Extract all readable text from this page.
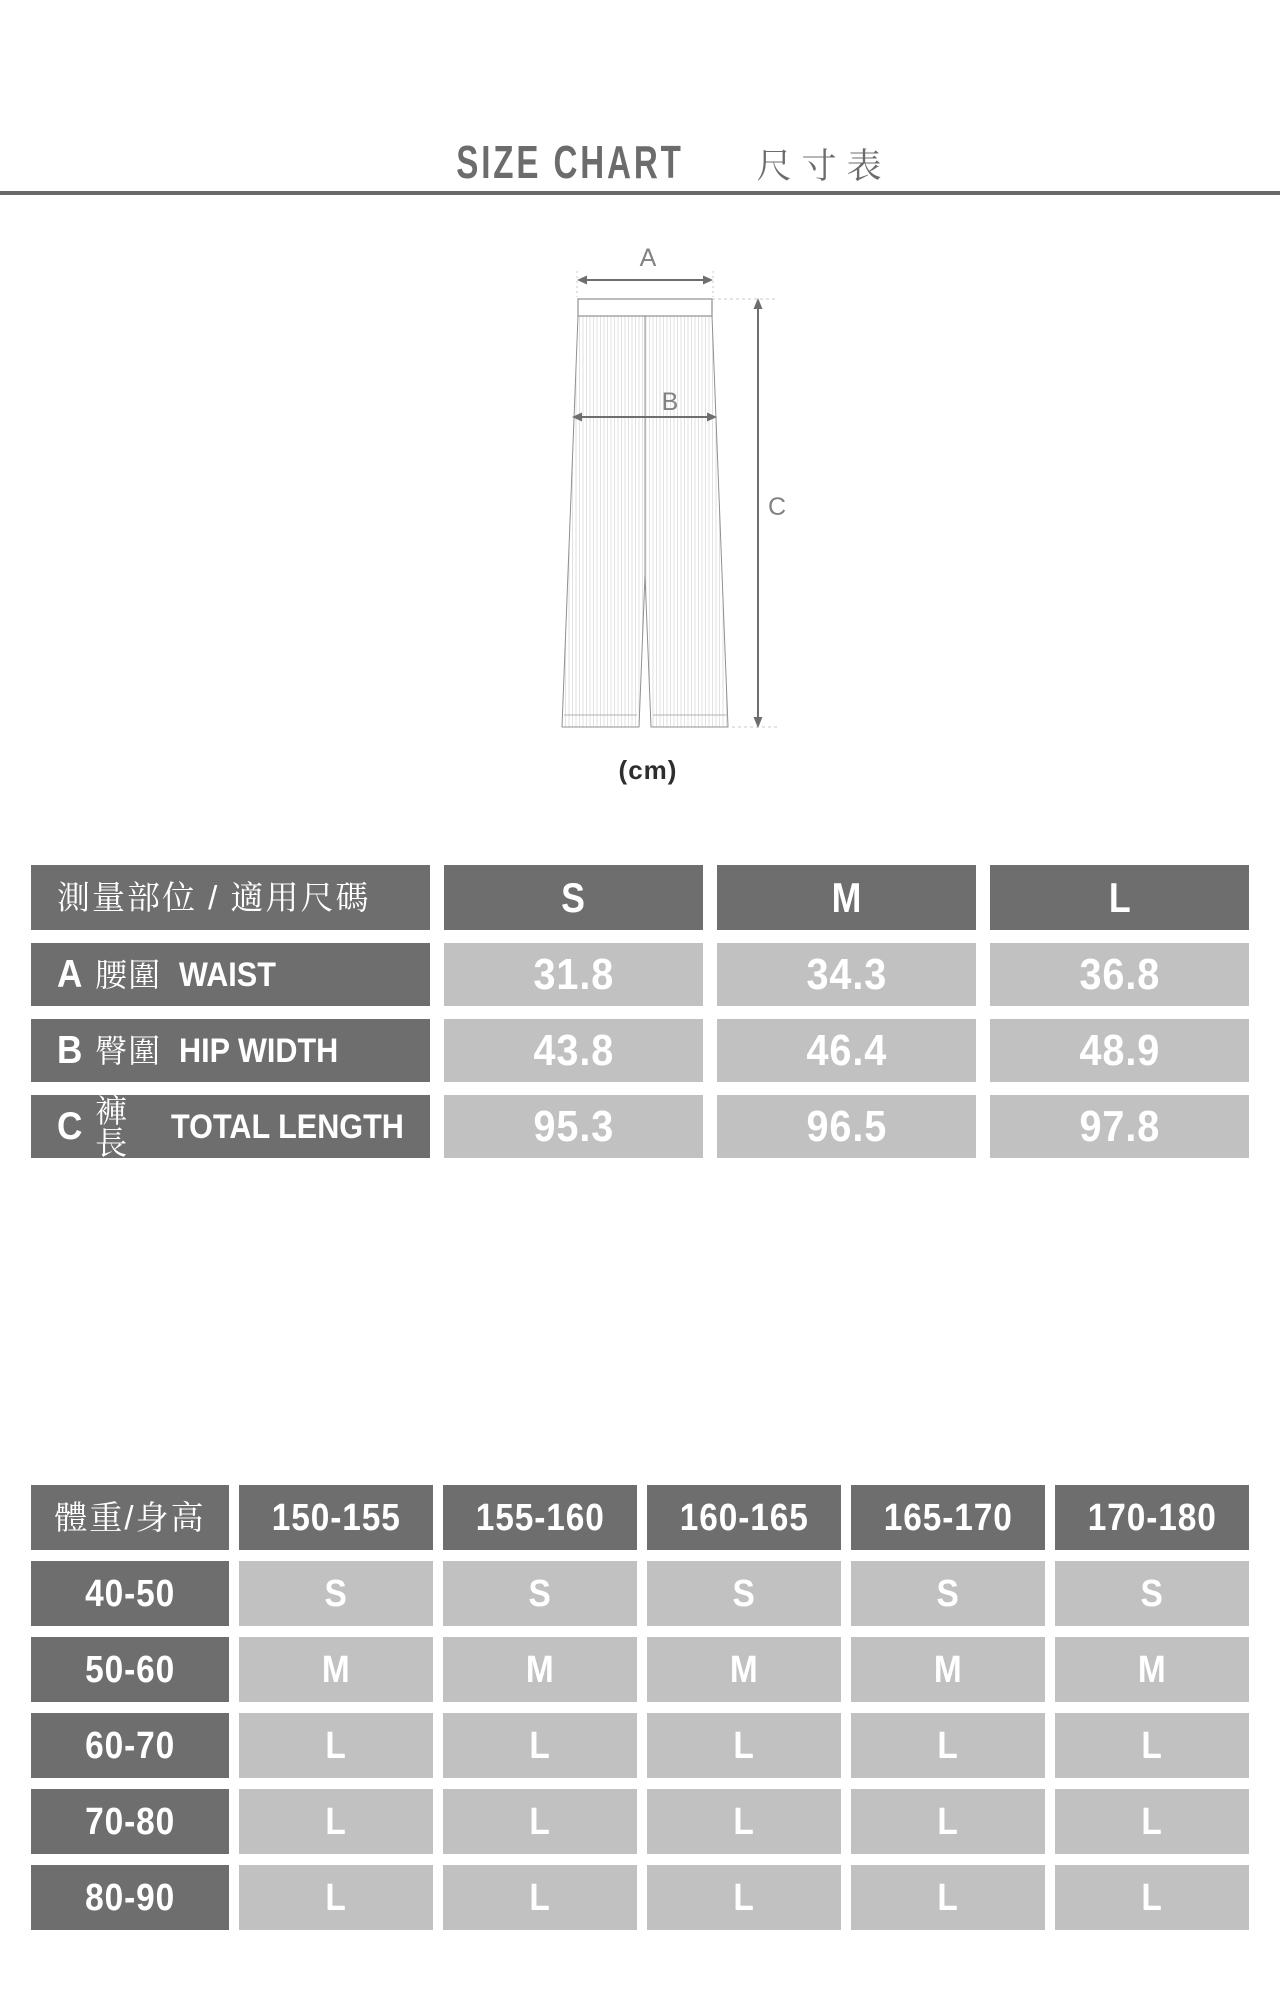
SIZE CHART 尺寸表
A
B
C
(cm)
測量部位 / 適用尺碼	S	M	L
A 腰圍 WAIST	31.8	34.3	36.8
B 臀圍 HIP WIDTH	43.8	46.4	48.9
C 褲長	TOTAL LENGTH	95.3	96.5	97.8
體重/身高 150-155 155-160 160-165 165-170 170-180
40-50	S	S	S	S	S
50-60	M	M	M	M	M
60-70	L	L	L	L	L
70-80	L	L	L	L	L
80-90	L	L	L	L	L
